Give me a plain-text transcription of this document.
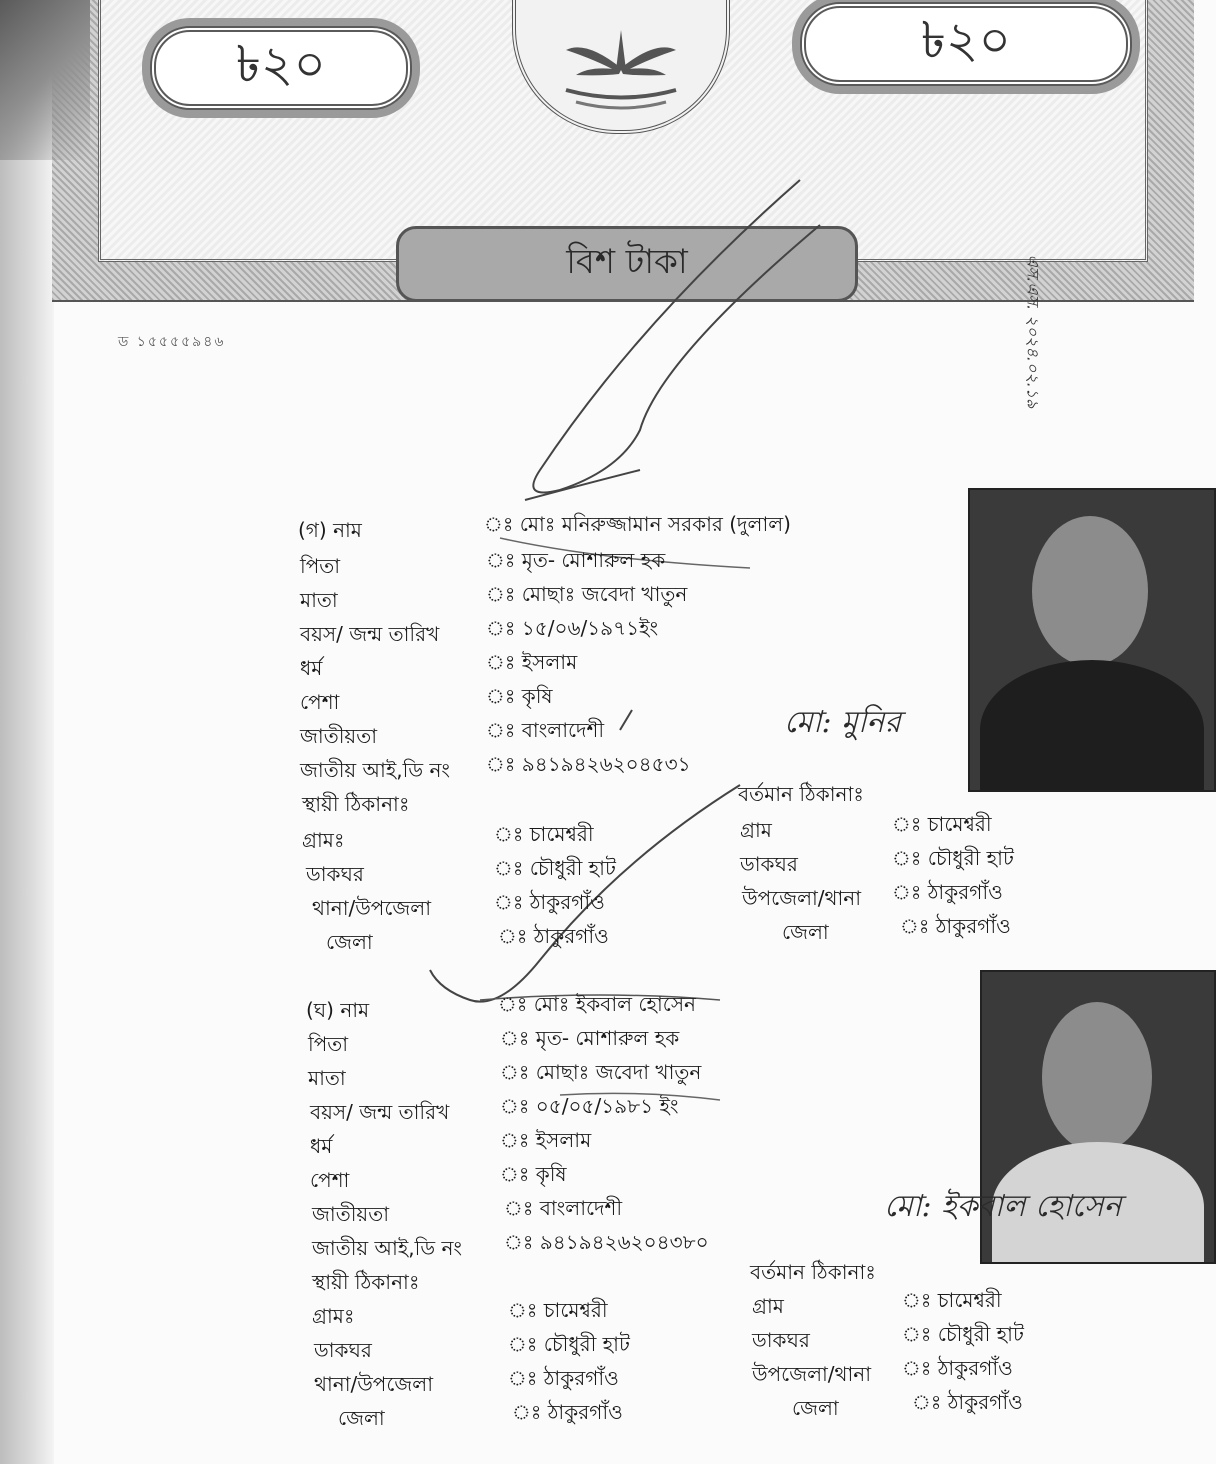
৳২০	৳২০
বিশ টাকা
ড ১৫৫৫৫৯৪৬	এস.এস. ২০২৪.০২.১৯
(গ) নাম	ঃ মোঃ মনিরুজ্জামান সরকার (দুলাল)
পিতা	ঃ মৃত- মোশারুল হক
মাতা	ঃ মোছাঃ জবেদা খাতুন
বয়স/ জন্ম তারিখ ঃ ১৫/০৬/১৯৭১ইং
ধর্ম	ঃ ইসলাম
পেশা	ঃ কৃষি
জাতীয়তা	ঃ বাংলাদেশী
জাতীয় আই,ডি নং ঃ ৯৪১৯৪২৬২০৪৫৩১
স্থায়ী ঠিকানাঃ
গ্রামঃ	ঃ চামেশ্বরী
ডাকঘর	ঃ চৌধুরী হাট
থানা/উপজেলা	ঃ ঠাকুরগাঁও
জেলা	ঃ ঠাকুরগাঁও
বর্তমান ঠিকানাঃ
গ্রাম	ঃ চামেশ্বরী
ডাকঘর	ঃ চৌধুরী হাট
উপজেলা/থানা ঃ ঠাকুরগাঁও
জেলা	ঃ ঠাকুরগাঁও
মো: মুনির
(ঘ) নাম	ঃ মোঃ ইকবাল হোসেন
পিতা	ঃ মৃত- মোশারুল হক
মাতা	ঃ মোছাঃ জবেদা খাতুন
বয়স/ জন্ম তারিখ	ঃ ০৫/০৫/১৯৮১ ইং
ধর্ম	ঃ ইসলাম
পেশা	ঃ কৃষি
জাতীয়তা	ঃ বাংলাদেশী
জাতীয় আই,ডি নং ঃ ৯৪১৯৪২৬২০৪৩৮০
স্থায়ী ঠিকানাঃ
গ্রামঃ	ঃ চামেশ্বরী
ডাকঘর	ঃ চৌধুরী হাট
থানা/উপজেলা	ঃ ঠাকুরগাঁও
জেলা	ঃ ঠাকুরগাঁও
বর্তমান ঠিকানাঃ
গ্রাম	ঃ চামেশ্বরী
ডাকঘর	ঃ চৌধুরী হাট
উপজেলা/থানা ঃ ঠাকুরগাঁও
জেলা	ঃ ঠাকুরগাঁও
মো: ইকবাল হোসেন
